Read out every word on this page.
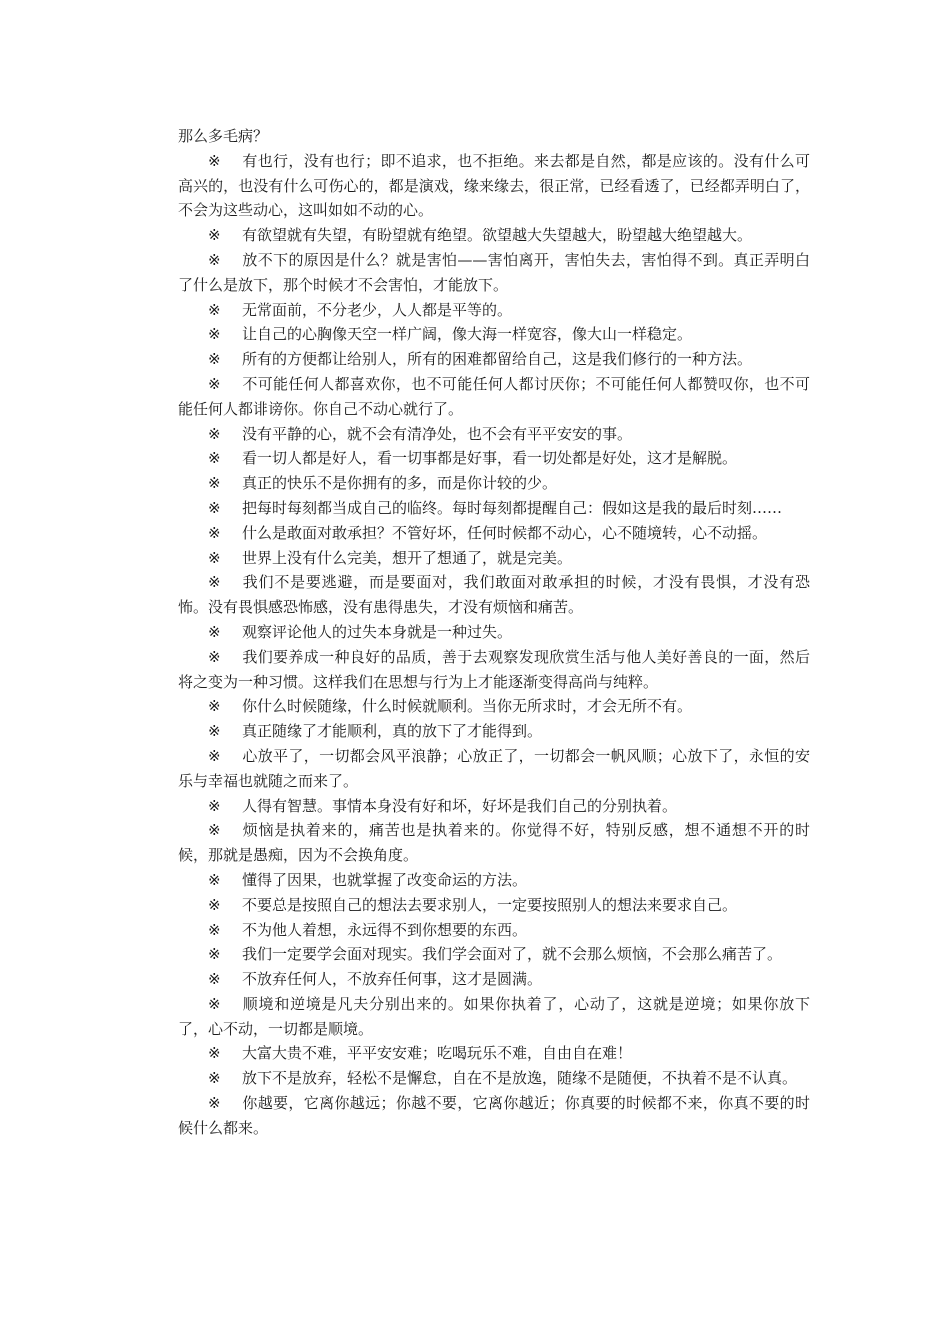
那么多毛病？

※ 有也行，没有也行；即不追求，也不拒绝。来去都是自然，都是应该的。没有什么可高兴的，也没有什么可伤心的，都是演戏，缘来缘去，很正常，已经看透了，已经都弄明白了，不会为这些动心，这叫如如不动的心。

※ 有欲望就有失望，有盼望就有绝望。欲望越大失望越大，盼望越大绝望越大。

※ 放不下的原因是什么？就是害怕——害怕离开，害怕失去，害怕得不到。真正弄明白了什么是放下，那个时候才不会害怕，才能放下。

※ 无常面前，不分老少，人人都是平等的。

※ 让自己的心胸像天空一样广阔，像大海一样宽容，像大山一样稳定。

※ 所有的方便都让给别人，所有的困难都留给自己，这是我们修行的一种方法。

※ 不可能任何人都喜欢你，也不可能任何人都讨厌你；不可能任何人都赞叹你，也不可能任何人都诽谤你。你自己不动心就行了。

※ 没有平静的心，就不会有清净处，也不会有平平安安的事。

※ 看一切人都是好人，看一切事都是好事，看一切处都是好处，这才是解脱。

※ 真正的快乐不是你拥有的多，而是你计较的少。

※ 把每时每刻都当成自己的临终。每时每刻都提醒自己：假如这是我的最后时刻……

※ 什么是敢面对敢承担？不管好坏，任何时候都不动心，心不随境转，心不动摇。

※ 世界上没有什么完美，想开了想通了，就是完美。

※ 我们不是要逃避，而是要面对，我们敢面对敢承担的时候，才没有畏惧，才没有恐怖。没有畏惧感恐怖感，没有患得患失，才没有烦恼和痛苦。

※ 观察评论他人的过失本身就是一种过失。

※ 我们要养成一种良好的品质，善于去观察发现欣赏生活与他人美好善良的一面，然后将之变为一种习惯。这样我们在思想与行为上才能逐渐变得高尚与纯粹。

※ 你什么时候随缘，什么时候就顺利。当你无所求时，才会无所不有。

※ 真正随缘了才能顺利，真的放下了才能得到。

※ 心放平了，一切都会风平浪静；心放正了，一切都会一帆风顺；心放下了，永恒的安乐与幸福也就随之而来了。

※ 人得有智慧。事情本身没有好和坏，好坏是我们自己的分别执着。

※ 烦恼是执着来的，痛苦也是执着来的。你觉得不好，特别反感，想不通想不开的时候，那就是愚痴，因为不会换角度。

※ 懂得了因果，也就掌握了改变命运的方法。

※ 不要总是按照自己的想法去要求别人，一定要按照别人的想法来要求自己。

※ 不为他人着想，永远得不到你想要的东西。

※ 我们一定要学会面对现实。我们学会面对了，就不会那么烦恼，不会那么痛苦了。

※ 不放弃任何人，不放弃任何事，这才是圆满。

※ 顺境和逆境是凡夫分别出来的。如果你执着了，心动了，这就是逆境；如果你放下了，心不动，一切都是顺境。

※ 大富大贵不难，平平安安难；吃喝玩乐不难，自由自在难！

※ 放下不是放弃，轻松不是懈怠，自在不是放逸，随缘不是随便，不执着不是不认真。

※ 你越要，它离你越远；你越不要，它离你越近；你真要的时候都不来，你真不要的时候什么都来。
